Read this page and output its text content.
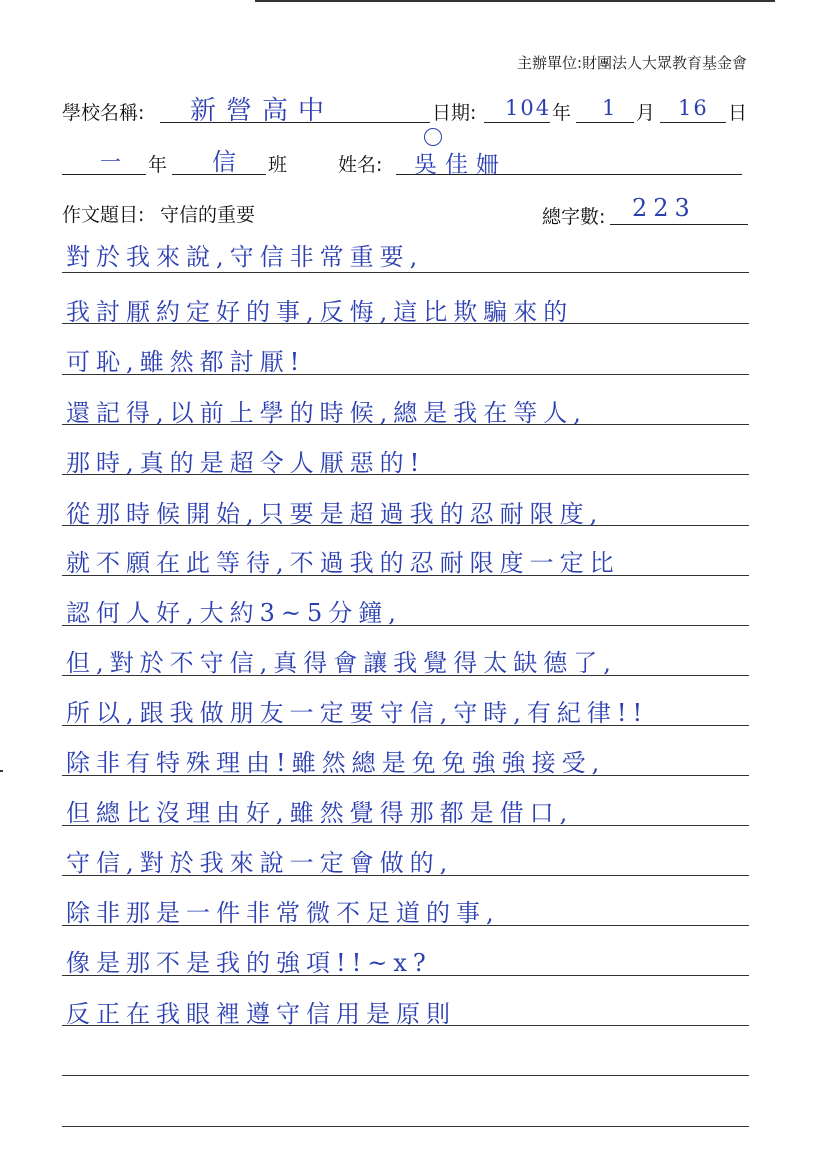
主辦單位:財團法人大眾教育基金會
學校名稱: 新營高中	日期: 104 年 1 月 16 日
一 年 信 班	姓名: 吳佳姍
作文題目: 守信的重要	總字數: 223
對於我來說,守信非常重要,
我討厭約定好的事,反悔,這比欺騙來的
可恥,雖然都討厭!
還記得,以前上學的時候,總是我在等人,
那時,真的是超令人厭惡的!
從那時候開始,只要是超過我的忍耐限度,
就不願在此等待,不過我的忍耐限度一定比
認何人好,大約3~5分鐘,
但,對於不守信,真得會讓我覺得太缺德了,
所以,跟我做朋友一定要守信,守時,有紀律!!
除非有特殊理由!雖然總是免免強強接受,
但總比沒理由好,雖然覺得那都是借口,
守信,對於我來說一定會做的,
除非那是一件非常微不足道的事,
像是那不是我的強項!!~x?
反正在我眼裡遵守信用是原則
